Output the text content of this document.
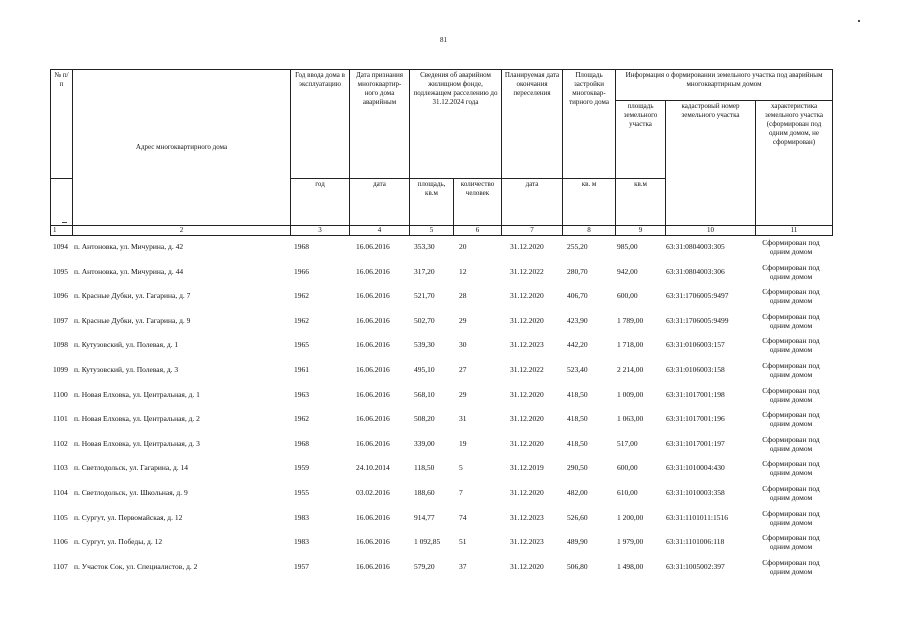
81
№ п/п	Адрес многоквартирного дома	Год ввода дома в эксплуатацию	Дата признания многоквартир-ного дома аварийным	Сведения об аварийном жилищном фонде, подлежащем расселению до 31.12.2024 года		Планируемая дата окончания переселения	Площадь застройки многоквар-тирного дома	Информация о формировании земельного участка под аварийным многоквартирным домом		
								площадь земельного участка	кадастровый номер земельного участка	характеристика земельного участка (сформирован под одним домом, не сформирован)
		год	дата	площадь, кв.м	количество человек	дата	кв. м	кв.м		
1	2	3	4	5	6	7	8	9	10	11
1094 п. Антоновка, ул. Мичурина, д. 42	1968	16.06.2016	353,30	20	31.12.2020	255,20	985,00	63:31:0804003:305	Сформирован под одним домом
1095 п. Антоновка, ул. Мичурина, д. 44	1966	16.06.2016	317,20	12	31.12.2022	280,70	942,00	63:31:0804003:306	Сформирован под одним домом
1096 п. Красные Дубки, ул. Гагарина, д. 7	1962	16.06.2016	521,70	28	31.12.2020	406,70	600,00	63:31:1706005:9497	Сформирован под одним домом
1097 п. Красные Дубки, ул. Гагарина, д. 9	1962	16.06.2016	502,70	29	31.12.2020	423,90	1 789,00	63:31:1706005:9499	Сформирован под одним домом
1098 п. Кутузовский, ул. Полевая, д. 1	1965	16.06.2016	539,30	30	31.12.2023	442,20	1 718,00	63:31:0106003:157	Сформирован под одним домом
1099 п. Кутузовский, ул. Полевая, д. 3	1961	16.06.2016	495,10	27	31.12.2022	523,40	2 214,00	63:31:0106003:158	Сформирован под одним домом
1100 п. Новая Елховка, ул. Центральная, д. 1	1963	16.06.2016	568,10	29	31.12.2020	418,50	1 009,00	63:31:1017001:198	Сформирован под одним домом
1101 п. Новая Елховка, ул. Центральная, д. 2	1962	16.06.2016	508,20	31	31.12.2020	418,50	1 063,00	63:31:1017001:196	Сформирован под одним домом
1102 п. Новая Елховка, ул. Центральная, д. 3	1968	16.06.2016	339,00	19	31.12.2020	418,50	517,00	63:31:1017001:197	Сформирован под одним домом
1103 п. Светлодольск, ул. Гагарина, д. 14	1959	24.10.2014	118,50	5	31.12.2019	290,50	600,00	63:31:1010004:430	Сформирован под одним домом
1104 п. Светлодольск, ул. Школьная, д. 9	1955	03.02.2016	188,60	7	31.12.2020	482,00	610,00	63:31:1010003:358	Сформирован под одним домом
1105 п. Сургут, ул. Первомайская, д. 12	1983	16.06.2016	914,77	74	31.12.2023	526,60	1 200,00	63:31:1101011:1516	Сформирован под одним домом
1106 п. Сургут, ул. Победы, д. 12	1983	16.06.2016	1 092,85	51	31.12.2023	489,90	1 979,00	63:31:1101006:118	Сформирован под одним домом
1107 п. Участок Сок, ул. Специалистов, д. 2	1957	16.06.2016	579,20	37	31.12.2020	506,80	1 498,00	63:31:1005002:397	Сформирован под одним домом
